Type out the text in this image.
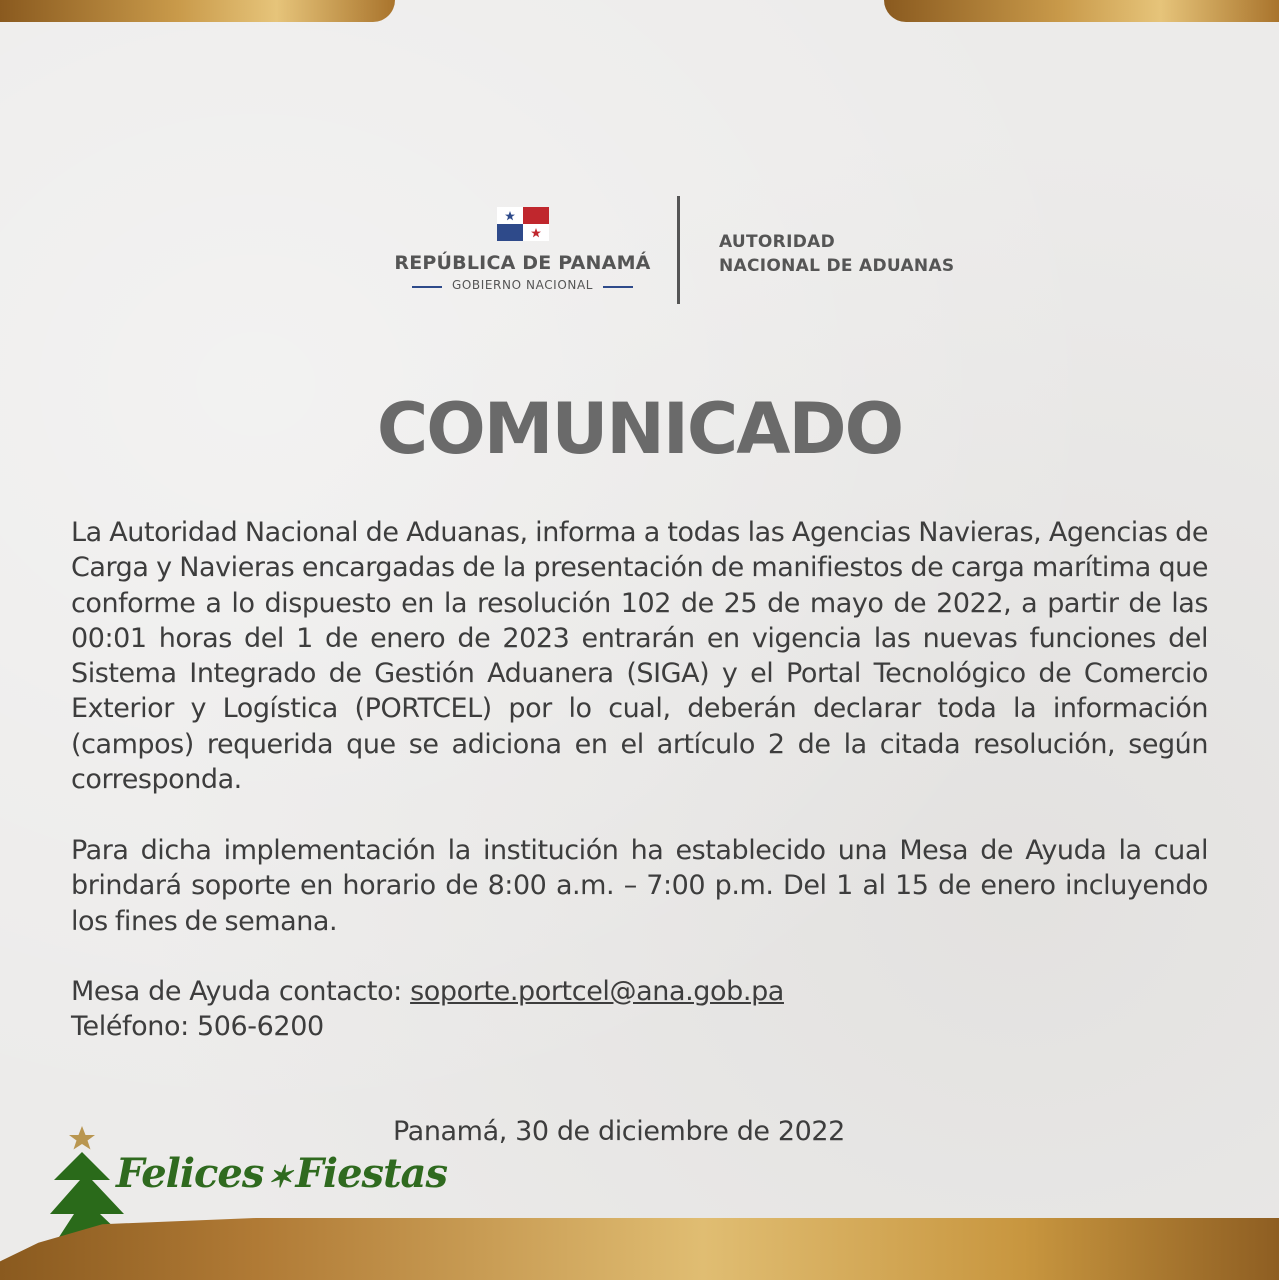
REPÚBLICA DE PANAMÁ
GOBIERNO NACIONAL
AUTORIDAD
NACIONAL DE ADUANAS
COMUNICADO
La Autoridad Nacional de Aduanas, informa a todas las Agencias Navieras, Agencias de Carga y Navieras encargadas de la presentación de manifiestos de carga marítima que conforme a lo dispuesto en la resolución 102 de 25 de mayo de 2022, a partir de las 00:01 horas del 1 de enero de 2023 entrarán en vigencia las nuevas funciones del Sistema Integrado de Gestión Aduanera (SIGA) y el Portal Tecnológico de Comercio Exterior y Logística (PORTCEL) por lo cual, deberán declarar toda la información (campos) requerida que se adiciona en el artículo 2 de la citada resolución, según corresponda.
Para dicha implementación la institución ha establecido una Mesa de Ayuda la cual brindará soporte en horario de 8:00 a.m. – 7:00 p.m. Del 1 al 15 de enero incluyendo los fines de semana.
Mesa de Ayuda contacto: soporte.portcel@ana.gob.pa
Teléfono: 506-6200
Panamá, 30 de diciembre de 2022
Felices ✶ Fiestas
